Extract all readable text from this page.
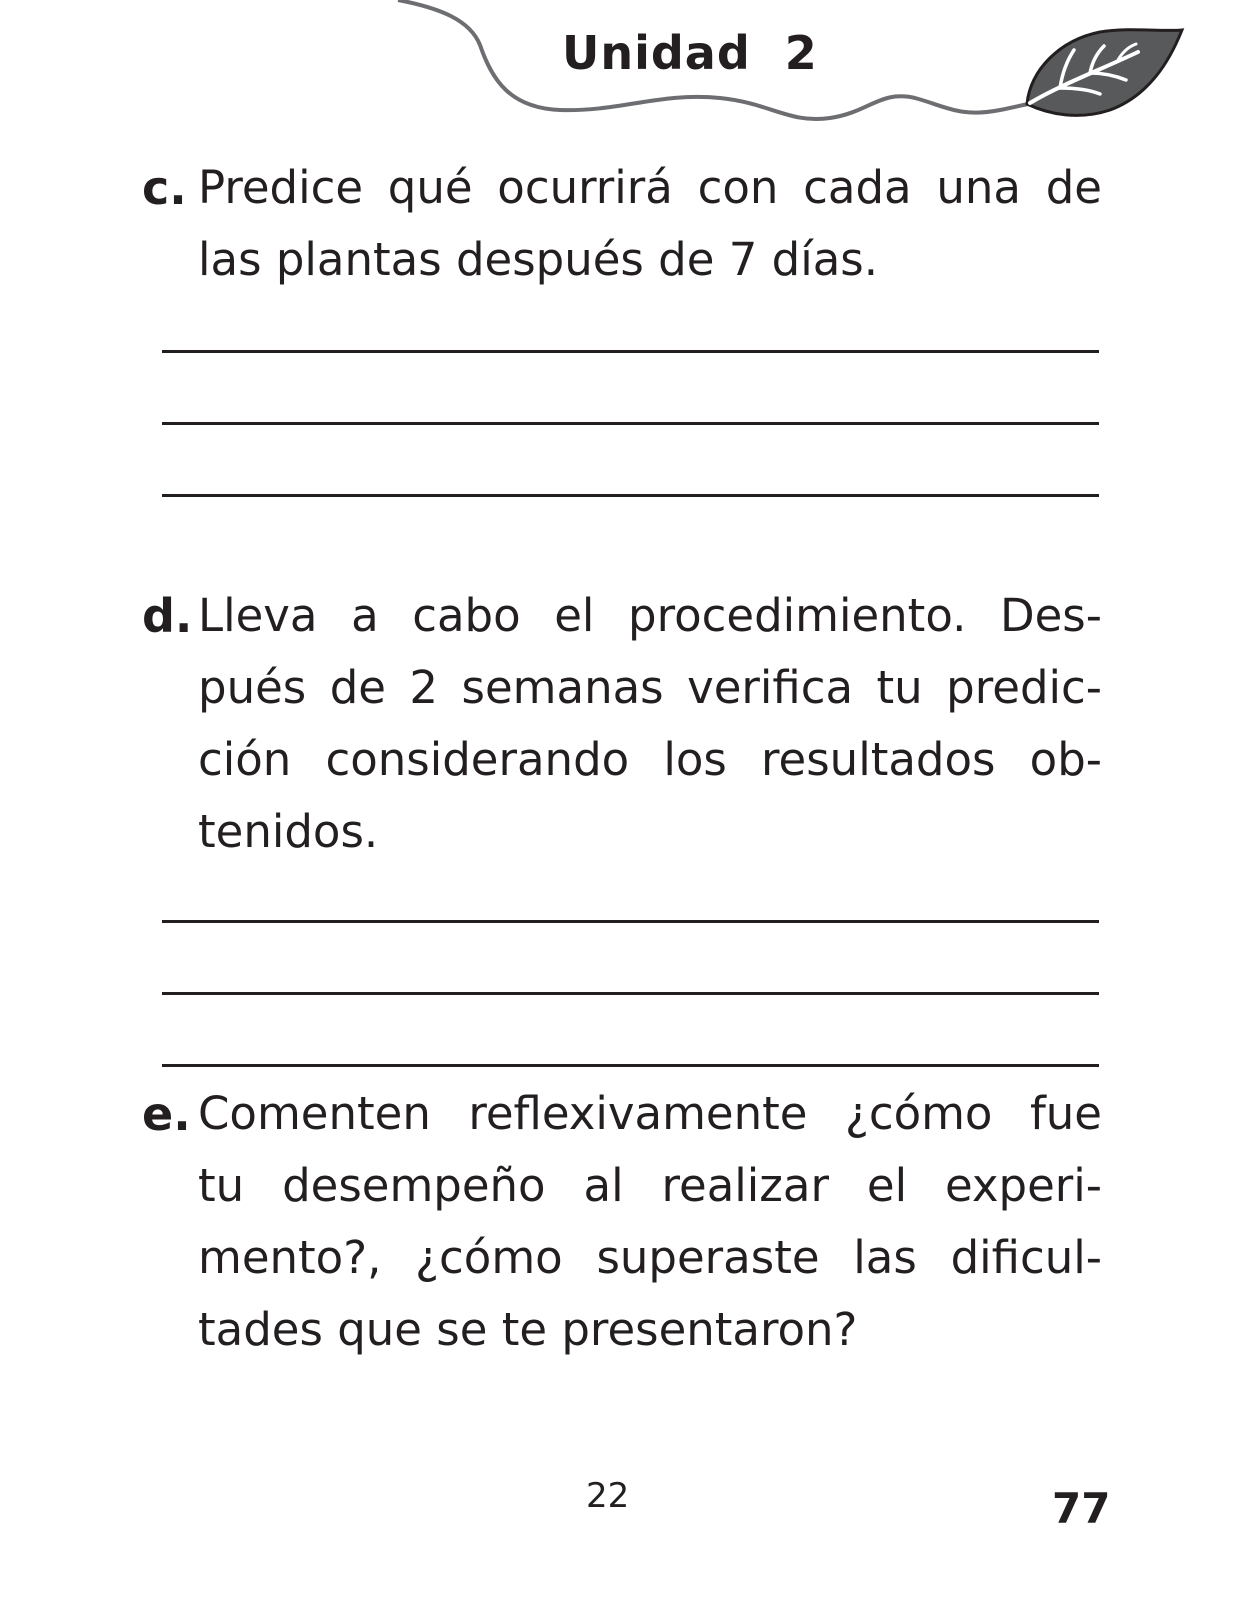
Unidad  2
c. Predice qué ocurrirá con cada una de
las plantas después de 7 días.
d. Lleva a cabo el procedimiento. Des-
pués de 2 semanas verifica tu predic-
ción considerando los resultados ob-
tenidos.
e. Comenten reflexivamente ¿cómo fue
tu desempeño al realizar el experi-
mento?, ¿cómo superaste las dificul-
tades que se te presentaron?
22	77
